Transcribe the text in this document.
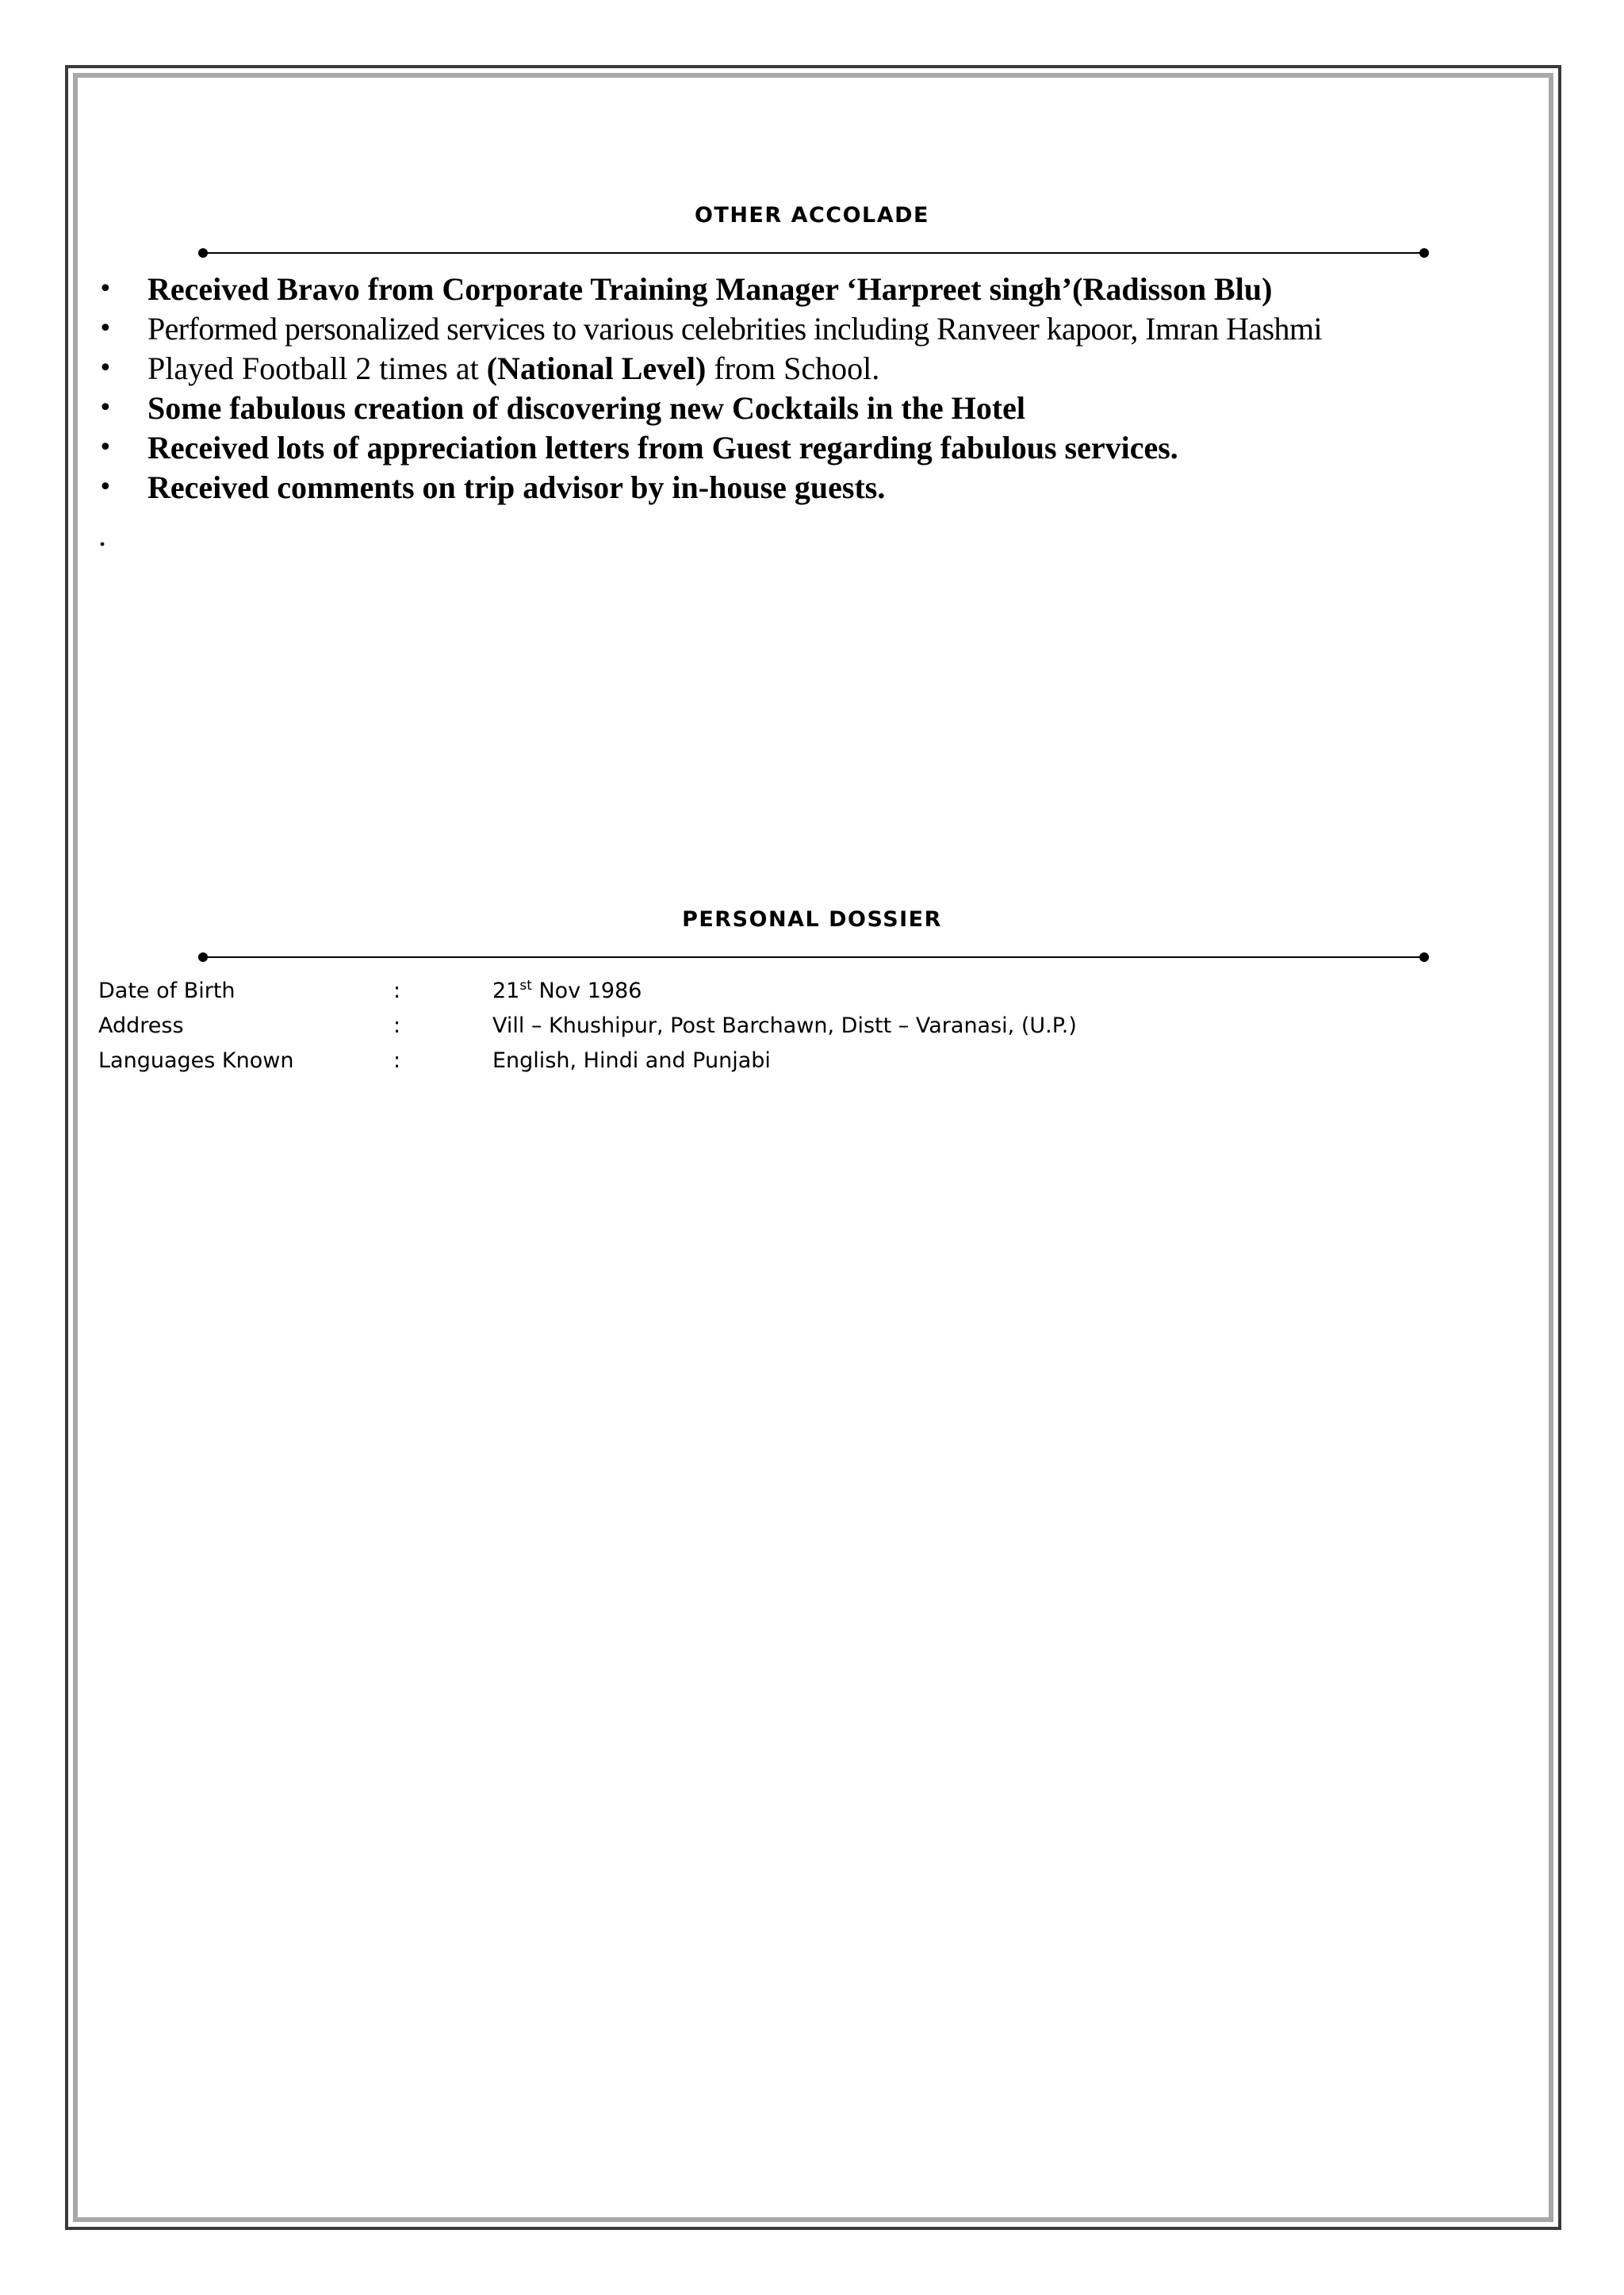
OTHER ACCOLADE
• Received Bravo from Corporate Training Manager ‘Harpreet singh’(Radisson Blu)
• Performed personalized services to various celebrities including Ranveer kapoor, Imran Hashmi
• Played Football 2 times at (National Level) from School.
• Some fabulous creation of discovering new Cocktails in the Hotel
• Received lots of appreciation letters from Guest regarding fabulous services.
• Received comments on trip advisor by in-house guests.
.
PERSONAL DOSSIER
Date of Birth	:	21st Nov 1986
Address	:	Vill – Khushipur, Post Barchawn, Distt – Varanasi, (U.P.)
Languages Known	:	English, Hindi and Punjabi
